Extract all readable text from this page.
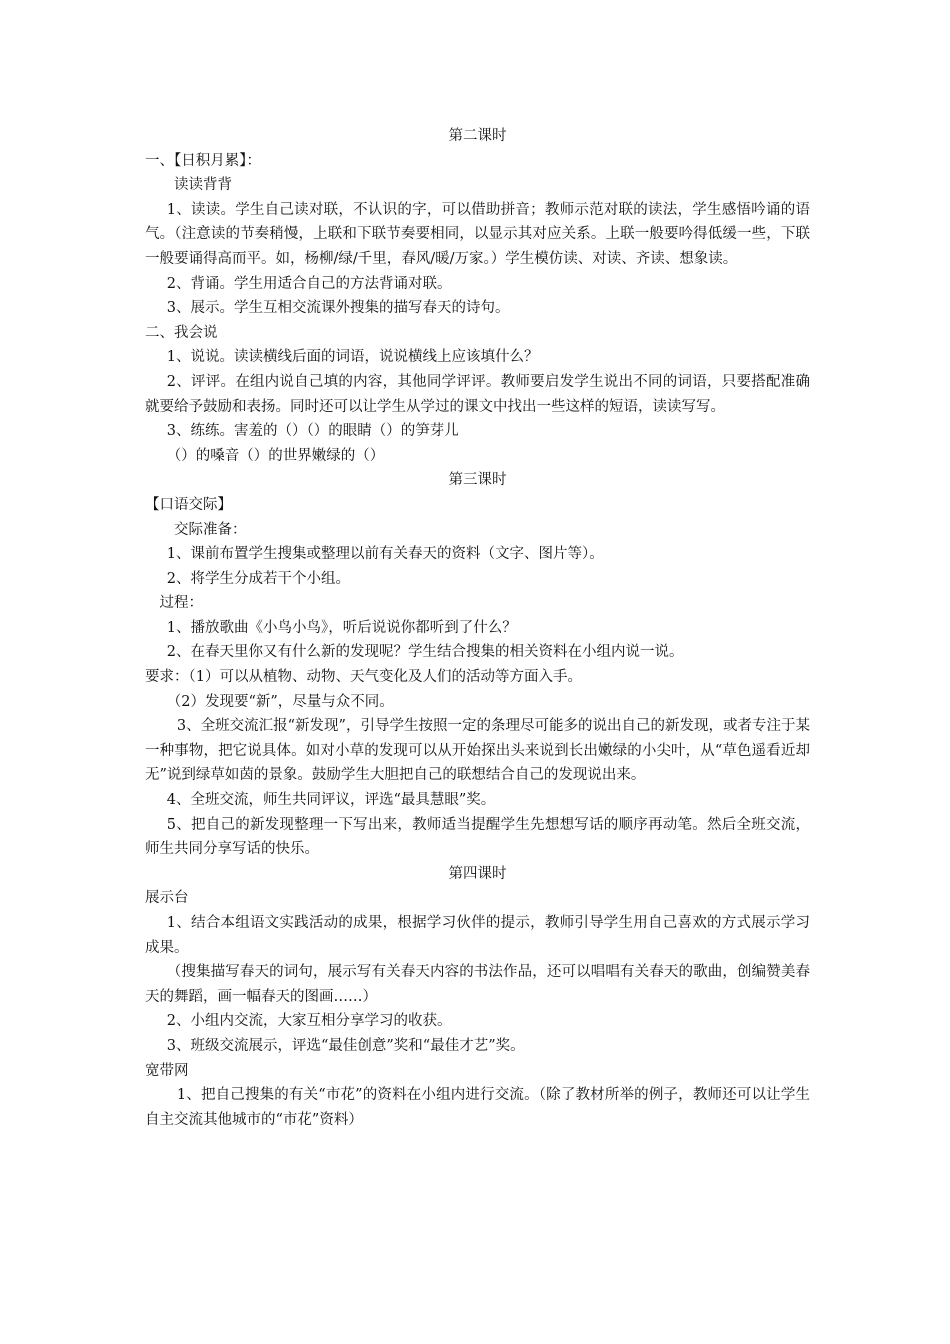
第二课时

一、【日积月累】：

读读背背

1、读读。学生自己读对联，不认识的字，可以借助拼音；教师示范对联的读法，学生感悟吟诵的语气。（注意读的节奏稍慢，上联和下联节奏要相同，以显示其对应关系。上联一般要吟得低缓一些，下联一般要诵得高而平。如，杨柳/绿/千里，春风/暖/万家。）学生模仿读、对读、齐读、想象读。

2、背诵。学生用适合自己的方法背诵对联。

3、展示。学生互相交流课外搜集的描写春天的诗句。

二、我会说

1、说说。读读横线后面的词语，说说横线上应该填什么？

2、评评。在组内说自己填的内容，其他同学评评。教师要启发学生说出不同的词语，只要搭配准确就要给予鼓励和表扬。同时还可以让学生从学过的课文中找出一些这样的短语，读读写写。

3、练练。害羞的（）（）的眼睛（）的笋芽儿

（）的嗓音（）的世界嫩绿的（）

第三课时

【口语交际】

交际准备：

1、课前布置学生搜集或整理以前有关春天的资料（文字、图片等）。

2、将学生分成若干个小组。

过程：

1、播放歌曲《小鸟小鸟》，听后说说你都听到了什么？

2、在春天里你又有什么新的发现呢？学生结合搜集的相关资料在小组内说一说。

要求：（1）可以从植物、动物、天气变化及人们的活动等方面入手。

（2）发现要“新”，尽量与众不同。

3、全班交流汇报“新发现”，引导学生按照一定的条理尽可能多的说出自己的新发现，或者专注于某一种事物，把它说具体。如对小草的发现可以从开始探出头来说到长出嫩绿的小尖叶，从“草色遥看近却无”说到绿草如茵的景象。鼓励学生大胆把自己的联想结合自己的发现说出来。

4、全班交流，师生共同评议，评选“最具慧眼”奖。

5、把自己的新发现整理一下写出来，教师适当提醒学生先想想写话的顺序再动笔。然后全班交流，师生共同分享写话的快乐。

第四课时

展示台

1、结合本组语文实践活动的成果，根据学习伙伴的提示，教师引导学生用自己喜欢的方式展示学习成果。

（搜集描写春天的词句，展示写有关春天内容的书法作品，还可以唱唱有关春天的歌曲，创编赞美春天的舞蹈，画一幅春天的图画……）

2、小组内交流，大家互相分享学习的收获。

3、班级交流展示，评选“最佳创意”奖和“最佳才艺”奖。

宽带网

1、把自己搜集的有关“市花”的资料在小组内进行交流。（除了教材所举的例子，教师还可以让学生自主交流其他城市的“市花”资料）
